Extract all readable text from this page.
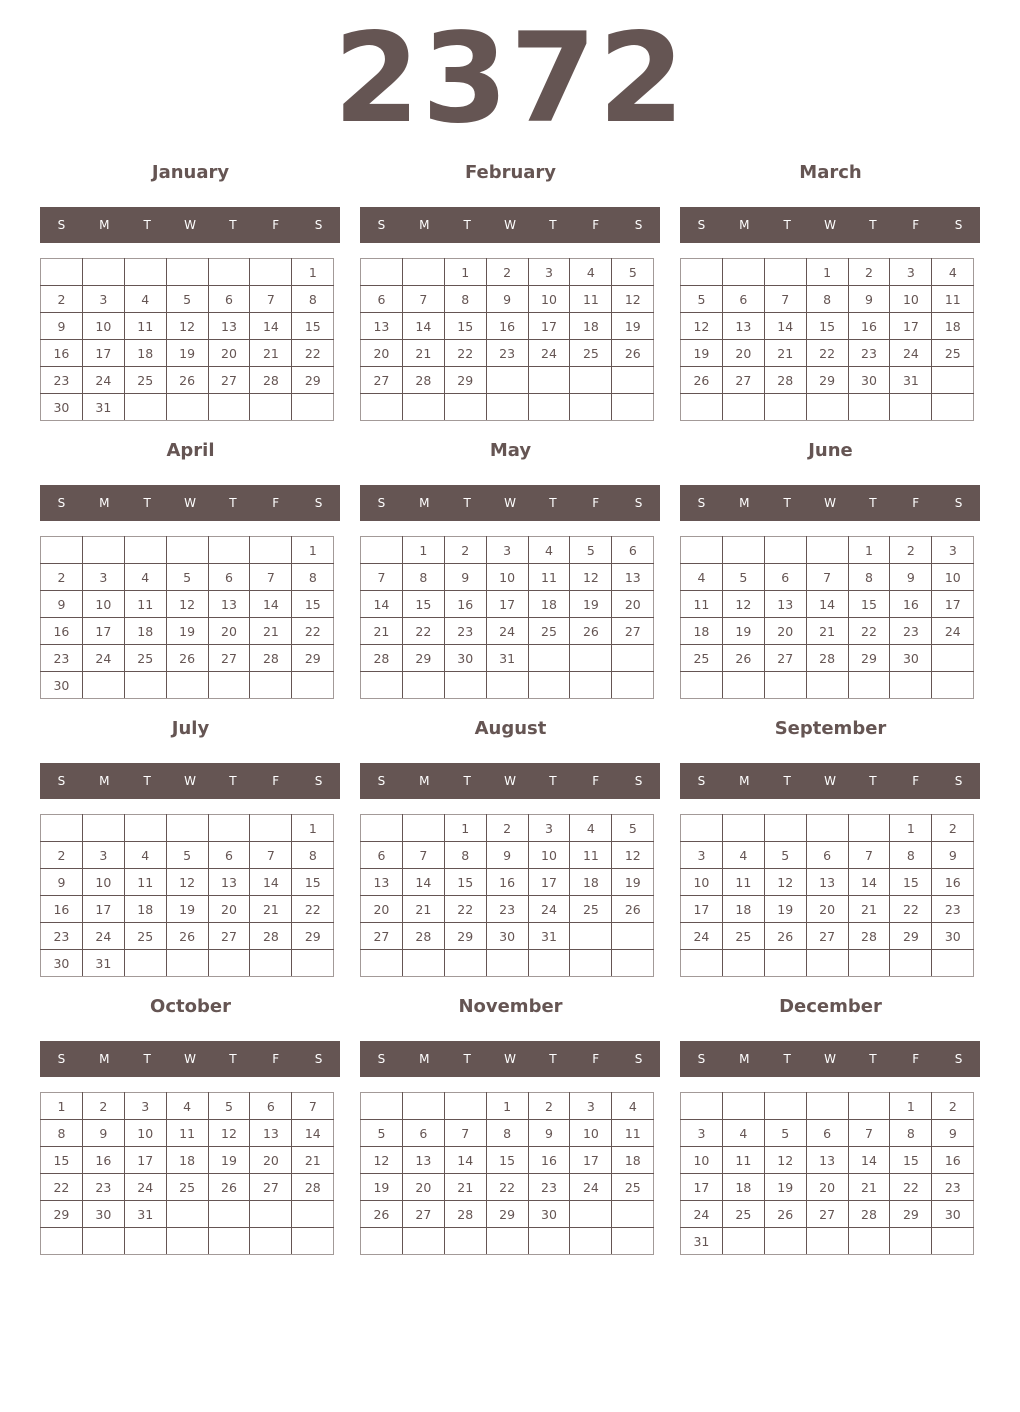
2372
January
S	M	T	W	T	F	S
						1
2	3	4	5	6	7	8
9	10	11	12	13	14	15
16	17	18	19	20	21	22
23	24	25	26	27	28	29
30	31					
February
S	M	T	W	T	F	S
		1	2	3	4	5
6	7	8	9	10	11	12
13	14	15	16	17	18	19
20	21	22	23	24	25	26
27	28	29				

March
S	M	T	W	T	F	S
			1	2	3	4
5	6	7	8	9	10	11
12	13	14	15	16	17	18
19	20	21	22	23	24	25
26	27	28	29	30	31	

April
S	M	T	W	T	F	S
						1
2	3	4	5	6	7	8
9	10	11	12	13	14	15
16	17	18	19	20	21	22
23	24	25	26	27	28	29
30						
May
S	M	T	W	T	F	S
	1	2	3	4	5	6
7	8	9	10	11	12	13
14	15	16	17	18	19	20
21	22	23	24	25	26	27
28	29	30	31			

June
S	M	T	W	T	F	S
				1	2	3
4	5	6	7	8	9	10
11	12	13	14	15	16	17
18	19	20	21	22	23	24
25	26	27	28	29	30	

July
S	M	T	W	T	F	S
						1
2	3	4	5	6	7	8
9	10	11	12	13	14	15
16	17	18	19	20	21	22
23	24	25	26	27	28	29
30	31					
August
S	M	T	W	T	F	S
		1	2	3	4	5
6	7	8	9	10	11	12
13	14	15	16	17	18	19
20	21	22	23	24	25	26
27	28	29	30	31		

September
S	M	T	W	T	F	S
					1	2
3	4	5	6	7	8	9
10	11	12	13	14	15	16
17	18	19	20	21	22	23
24	25	26	27	28	29	30

October
S	M	T	W	T	F	S
1	2	3	4	5	6	7
8	9	10	11	12	13	14
15	16	17	18	19	20	21
22	23	24	25	26	27	28
29	30	31				

November
S	M	T	W	T	F	S
			1	2	3	4
5	6	7	8	9	10	11
12	13	14	15	16	17	18
19	20	21	22	23	24	25
26	27	28	29	30		

December
S	M	T	W	T	F	S
					1	2
3	4	5	6	7	8	9
10	11	12	13	14	15	16
17	18	19	20	21	22	23
24	25	26	27	28	29	30
31						
